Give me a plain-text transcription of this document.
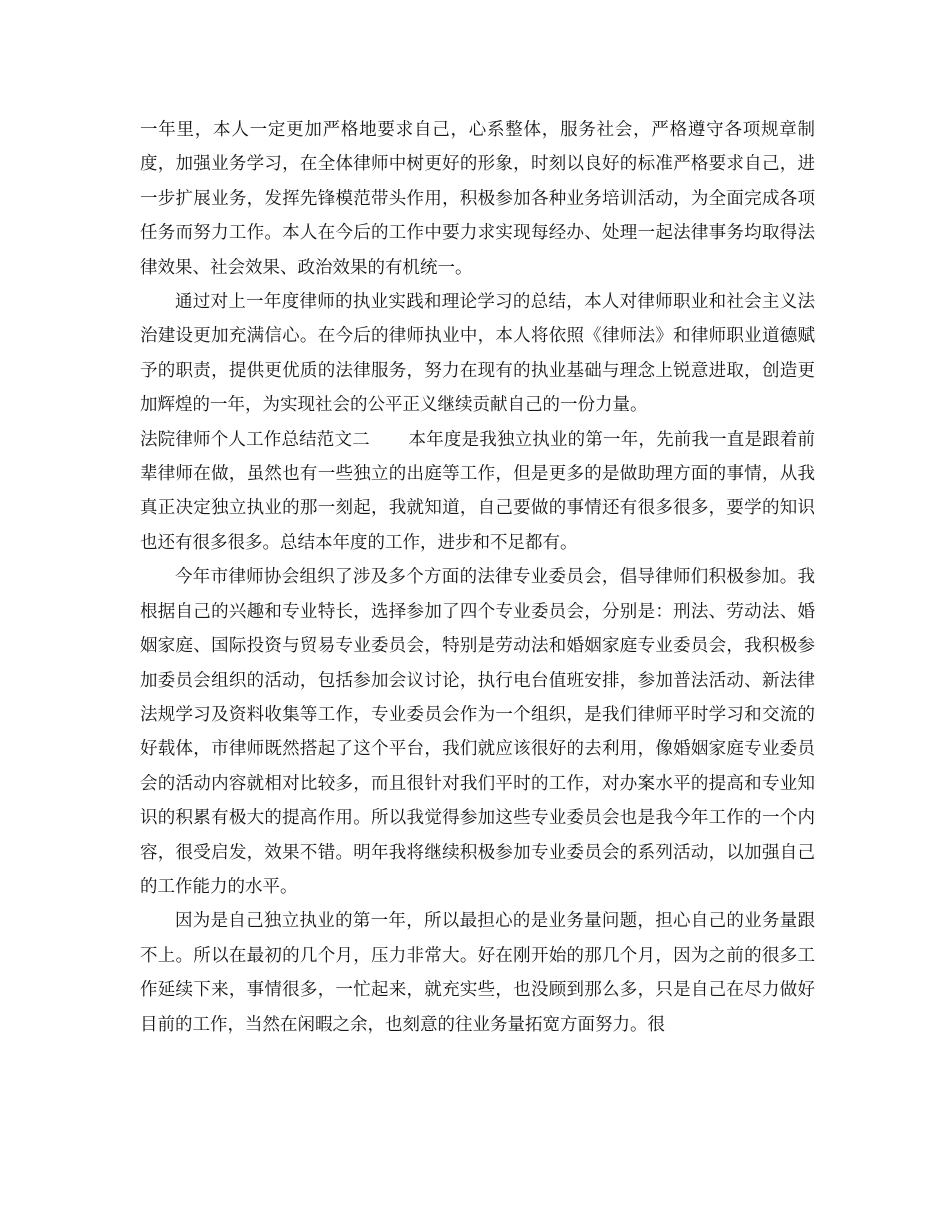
一年里，本人一定更加严格地要求自己，心系整体，服务社会，严格遵守各项规章制度，加强业务学习，在全体律师中树更好的形象，时刻以良好的标准严格要求自己，进一步扩展业务，发挥先锋模范带头作用，积极参加各种业务培训活动，为全面完成各项任务而努力工作。本人在今后的工作中要力求实现每经办、处理一起法律事务均取得法律效果、社会效果、政治效果的有机统一。

通过对上一年度律师的执业实践和理论学习的总结，本人对律师职业和社会主义法治建设更加充满信心。在今后的律师执业中，本人将依照《律师法》和律师职业道德赋予的职责，提供更优质的法律服务，努力在现有的执业基础与理念上锐意进取，创造更加辉煌的一年，为实现社会的公平正义继续贡献自己的一份力量。

法院律师个人工作总结范文二 本年度是我独立执业的第一年，先前我一直是跟着前辈律师在做，虽然也有一些独立的出庭等工作，但是更多的是做助理方面的事情，从我真正决定独立执业的那一刻起，我就知道，自己要做的事情还有很多很多，要学的知识也还有很多很多。总结本年度的工作，进步和不足都有。

今年市律师协会组织了涉及多个方面的法律专业委员会，倡导律师们积极参加。我根据自己的兴趣和专业特长，选择参加了四个专业委员会，分别是：刑法、劳动法、婚姻家庭、国际投资与贸易专业委员会，特别是劳动法和婚姻家庭专业委员会，我积极参加委员会组织的活动，包括参加会议讨论，执行电台值班安排，参加普法活动、新法律法规学习及资料收集等工作，专业委员会作为一个组织，是我们律师平时学习和交流的好载体，市律师既然搭起了这个平台，我们就应该很好的去利用，像婚姻家庭专业委员会的活动内容就相对比较多，而且很针对我们平时的工作，对办案水平的提高和专业知识的积累有极大的提高作用。所以我觉得参加这些专业委员会也是我今年工作的一个内容，很受启发，效果不错。明年我将继续积极参加专业委员会的系列活动，以加强自己的工作能力的水平。

因为是自己独立执业的第一年，所以最担心的是业务量问题，担心自己的业务量跟不上。所以在最初的几个月，压力非常大。好在刚开始的那几个月，因为之前的很多工作延续下来，事情很多，一忙起来，就充实些，也没顾到那么多，只是自己在尽力做好目前的工作，当然在闲暇之余，也刻意的往业务量拓宽方面努力。很
